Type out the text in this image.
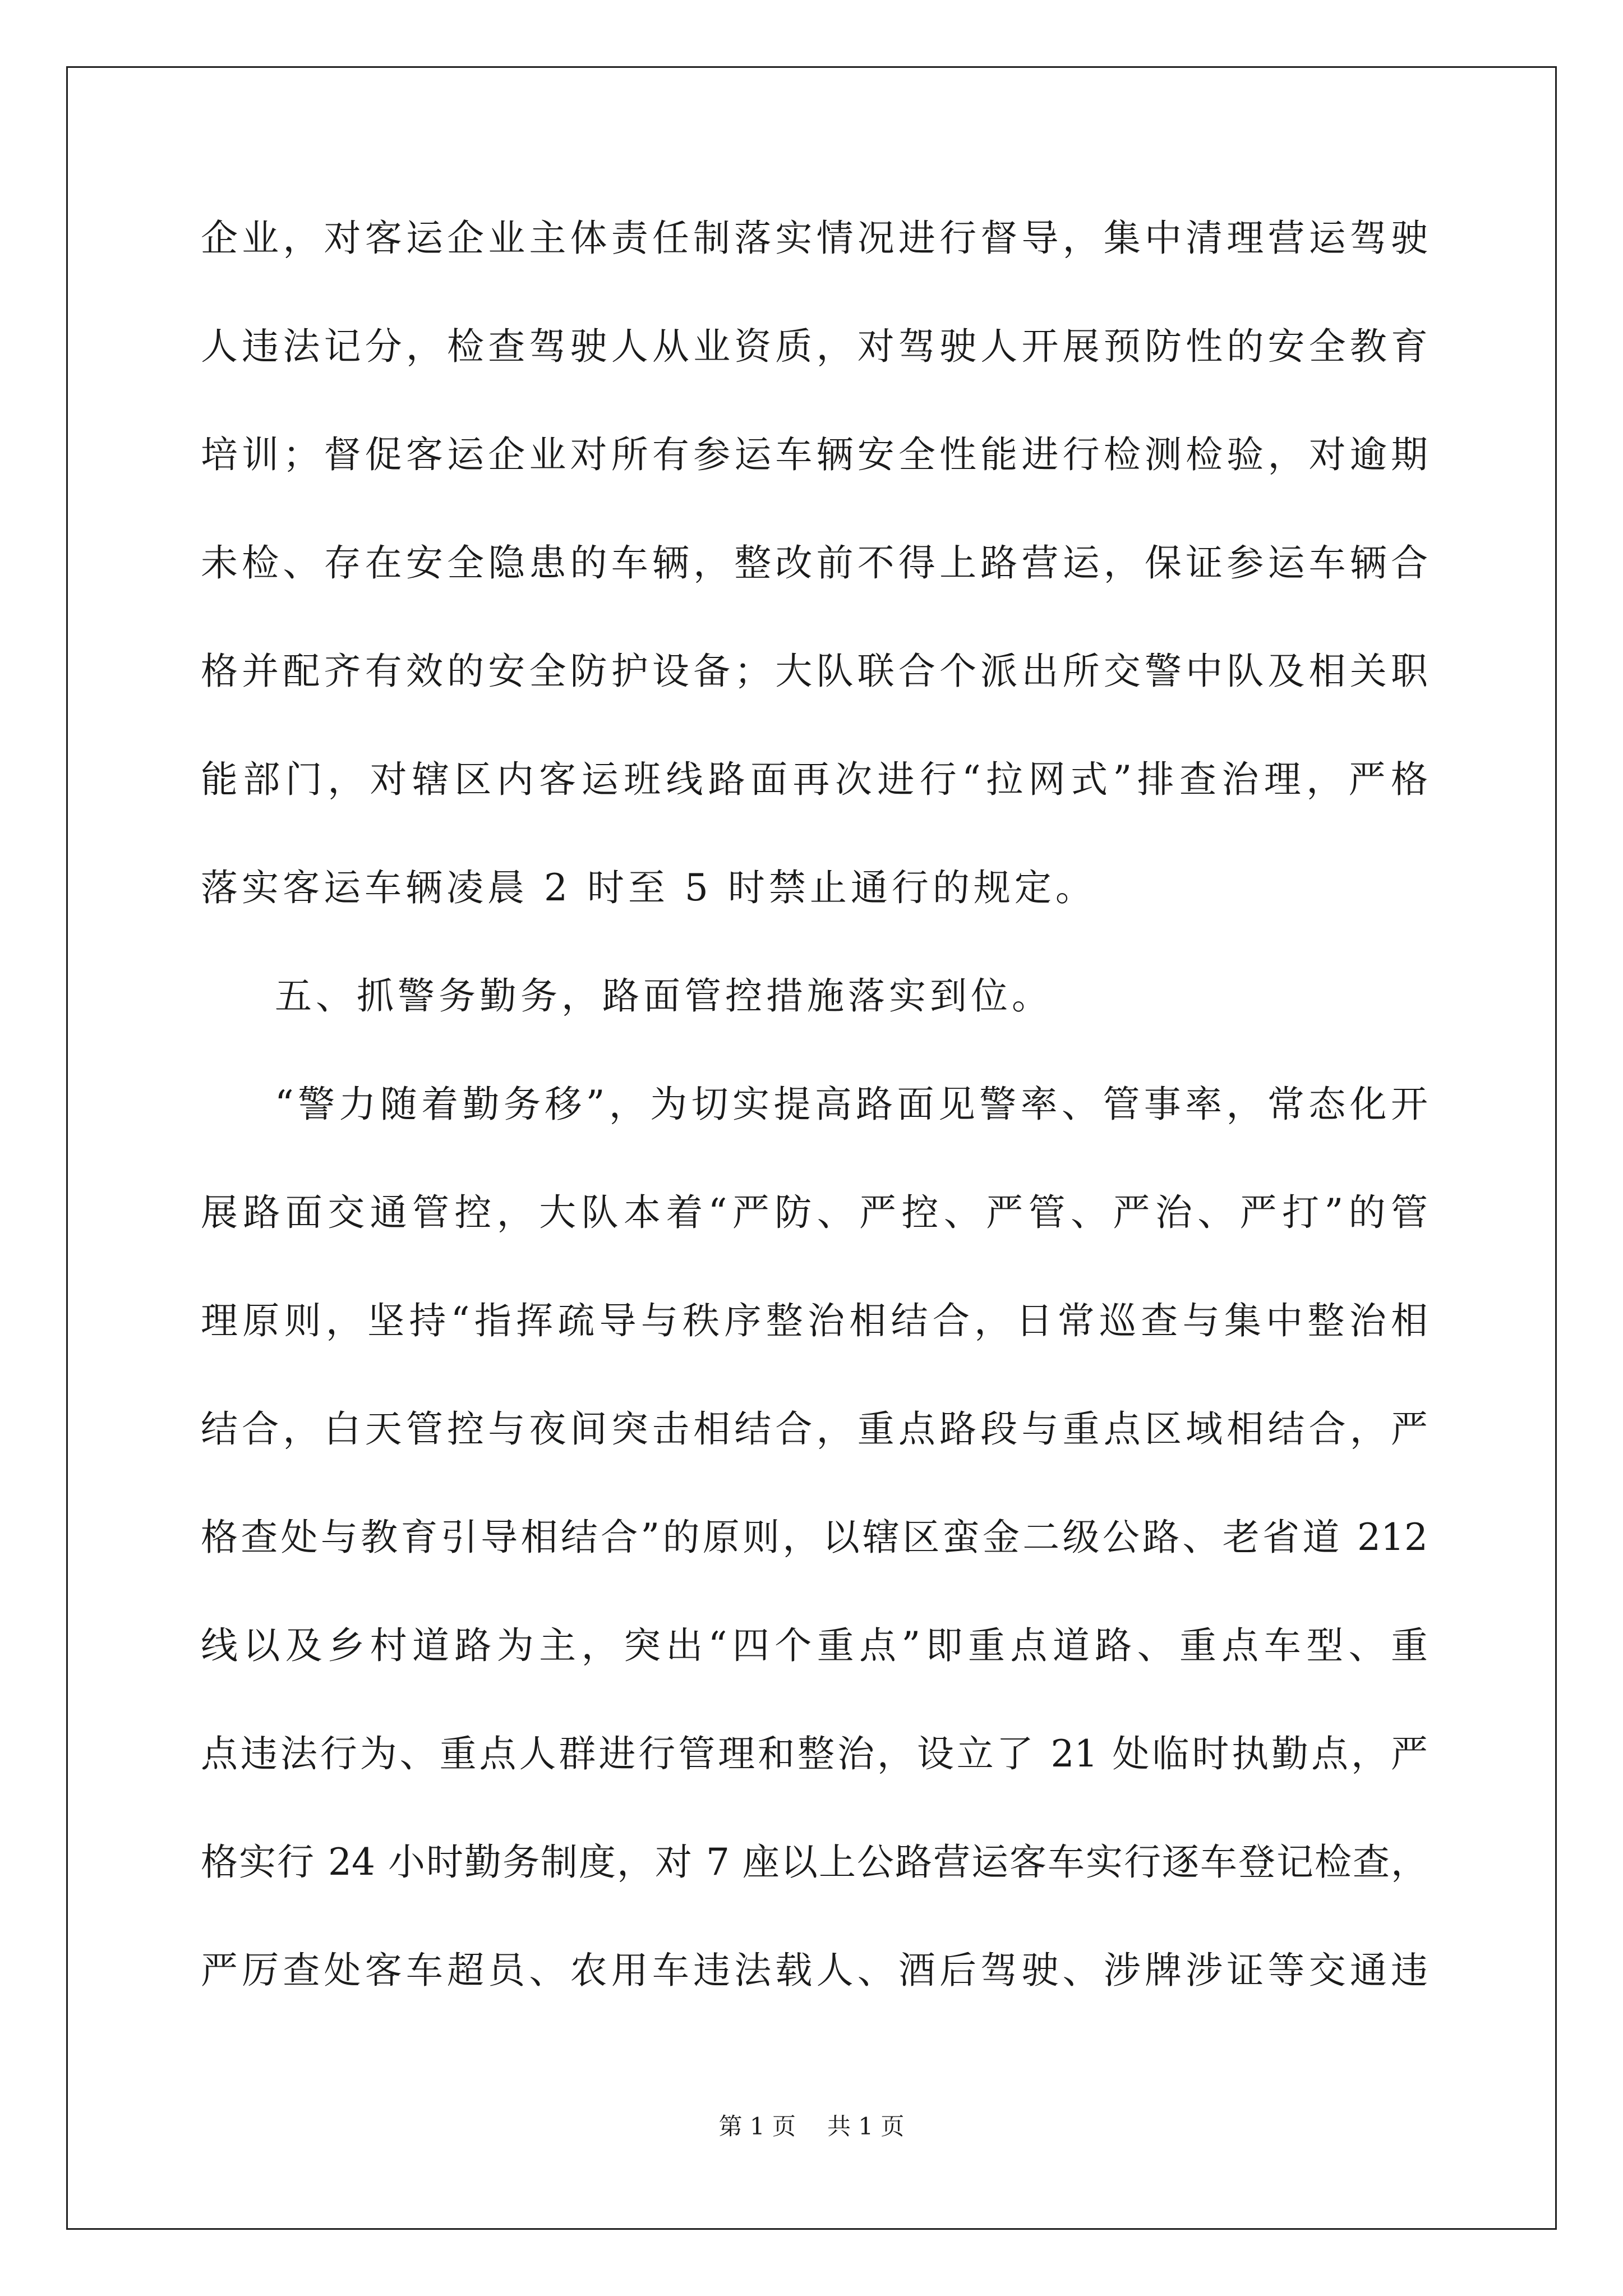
企业，对客运企业主体责任制落实情况进行督导，集中清理营运驾驶
人违法记分，检查驾驶人从业资质，对驾驶人开展预防性的安全教育
培训；督促客运企业对所有参运车辆安全性能进行检测检验，对逾期
未检、存在安全隐患的车辆，整改前不得上路营运，保证参运车辆合
格并配齐有效的安全防护设备；大队联合个派出所交警中队及相关职
能部门，对辖区内客运班线路面再次进行“拉网式”排查治理，严格
落实客运车辆凌晨 2 时至 5 时禁止通行的规定。
五、抓警务勤务，路面管控措施落实到位。
“警力随着勤务移”，为切实提高路面见警率、管事率，常态化开
展路面交通管控，大队本着“严防、严控、严管、严治、严打”的管
理原则，坚持“指挥疏导与秩序整治相结合，日常巡查与集中整治相
结合，白天管控与夜间突击相结合，重点路段与重点区域相结合，严
格查处与教育引导相结合”的原则，以辖区蛮金二级公路、老省道 212
线以及乡村道路为主，突出“四个重点”即重点道路、重点车型、重
点违法行为、重点人群进行管理和整治，设立了 21 处临时执勤点，严
格实行 24 小时勤务制度，对 7 座以上公路营运客车实行逐车登记检查，
严厉查处客车超员、农用车违法载人、酒后驾驶、涉牌涉证等交通违
第 1 页 共 1 页
